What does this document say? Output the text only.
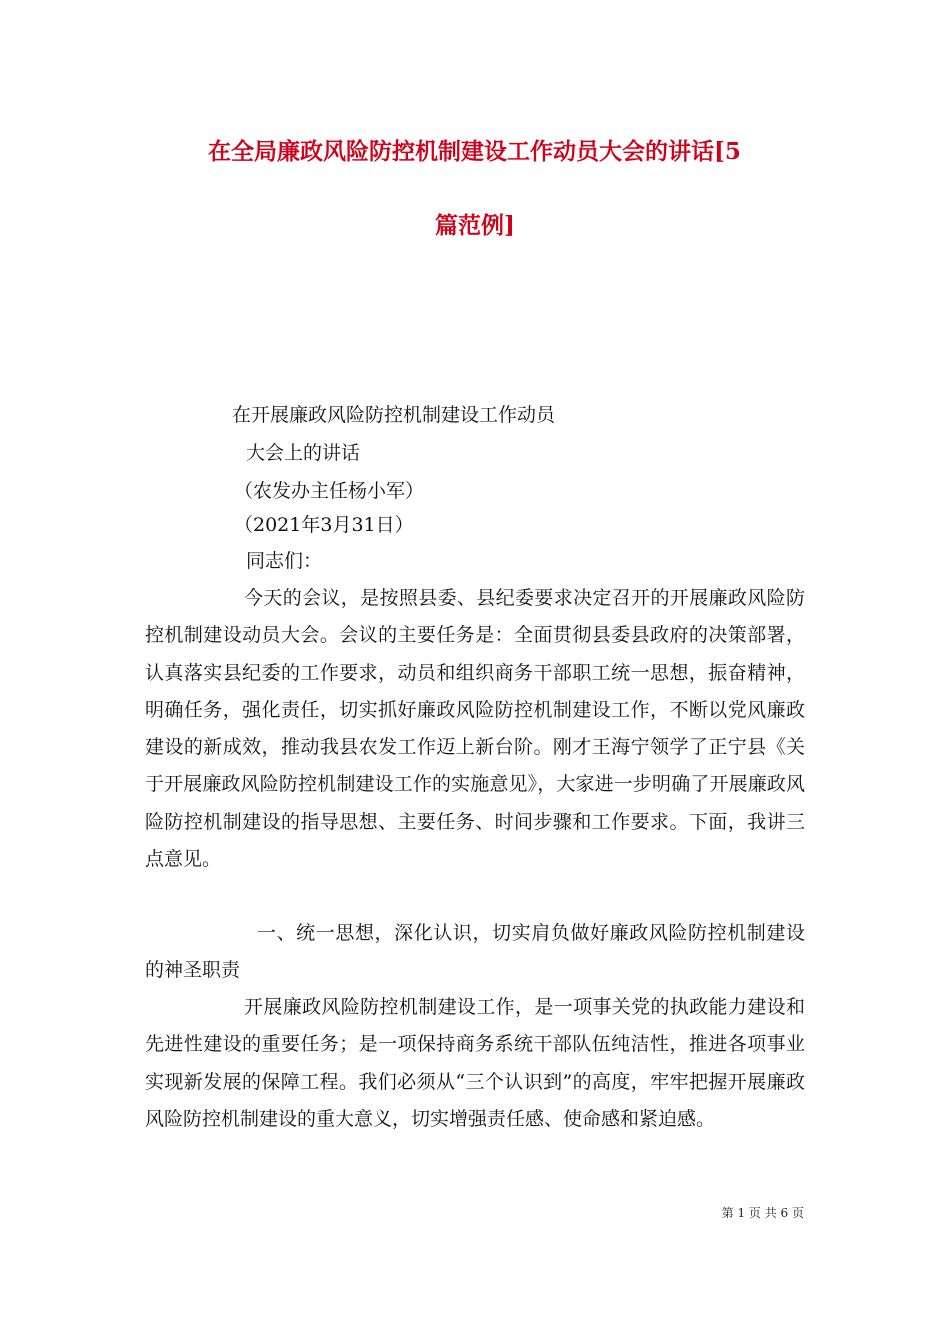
在全局廉政风险防控机制建设工作动员大会的讲话[5
篇范例]
在开展廉政风险防控机制建设工作动员
大会上的讲话
（农发办主任杨小军）
（2021年3月31日）
同志们：
今天的会议，是按照县委、县纪委要求决定召开的开展廉政风险防控机制建设动员大会。会议的主要任务是：全面贯彻县委县政府的决策部署，认真落实县纪委的工作要求，动员和组织商务干部职工统一思想，振奋精神，明确任务，强化责任，切实抓好廉政风险防控机制建设工作，不断以党风廉政建设的新成效，推动我县农发工作迈上新台阶。刚才王海宁领学了正宁县《关于开展廉政风险防控机制建设工作的实施意见》，大家进一步明确了开展廉政风险防控机制建设的指导思想、主要任务、时间步骤和工作要求。下面，我讲三点意见。
一、统一思想，深化认识，切实肩负做好廉政风险防控机制建设的神圣职责
开展廉政风险防控机制建设工作，是一项事关党的执政能力建设和先进性建设的重要任务；是一项保持商务系统干部队伍纯洁性，推进各项事业实现新发展的保障工程。我们必须从“三个认识到”的高度，牢牢把握开展廉政风险防控机制建设的重大意义，切实增强责任感、使命感和紧迫感。
第 1 页 共 6 页
